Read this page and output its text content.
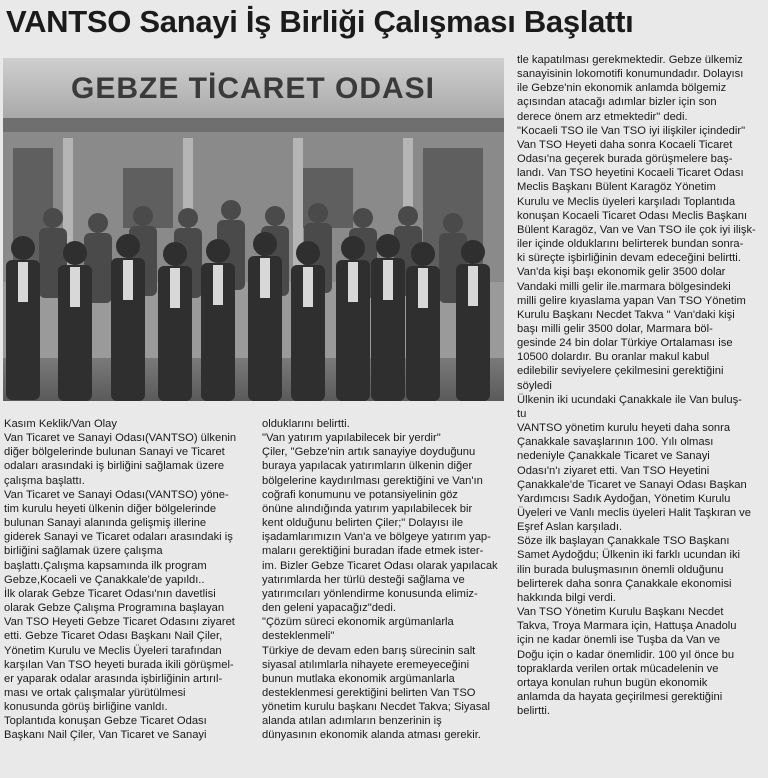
VANTSO Sanayi İş Birliği Çalışması Başlattı
GEBZE TİCARET ODASI

Kasım Keklik/Van Olay

Van Ticaret ve Sanayi Odası(VANTSO) ülkenin

diğer bölgelerinde bulunan Sanayi ve Ticaret

odaları arasındaki iş birliğini sağlamak üzere

çalışma başlattı.

Van Ticaret ve Sanayi Odası(VANTSO) yöne-

tim kurulu heyeti ülkenin diğer bölgelerinde

bulunan Sanayi alanında gelişmiş illerine

giderek Sanayi ve Ticaret odaları arasındaki iş

birliğini sağlamak üzere çalışma

başlattı.Çalışma kapsamında ilk program

Gebze,Kocaeli ve Çanakkale'de yapıldı..

İlk olarak Gebze Ticaret Odası'nın davetlisi

olarak Gebze Çalışma Programına başlayan

Van TSO Heyeti Gebze Ticaret Odasını ziyaret

etti. Gebze Ticaret Odası Başkanı Nail Çiler,

Yönetim Kurulu ve Meclis Üyeleri tarafından

karşılan Van TSO heyeti burada ikili görüşmel-

er yaparak odalar arasında işbirliğinin artırıl-

ması ve ortak çalışmalar yürütülmesi

konusunda görüş birliğine vanldı.

Toplantıda konuşan Gebze Ticaret Odası

Başkanı Nail Çiler, Van Ticaret ve Sanayi

olduklarını belirtti.

"Van yatırım yapılabilecek bir yerdir"

Çiler, "Gebze'nin artık sanayiye doyduğunu

buraya yapılacak yatırımların ülkenin diğer

bölgelerine kaydırılması gerektiğini ve Van'ın

coğrafi konumunu ve potansiyelinin göz

önüne alındığında yatırım yapılabilecek bir

kent olduğunu belirten Çiler;" Dolayısı ile

işadamlarımızın Van'a ve bölgeye yatırım yap-

malarıı gerektiğini buradan ifade etmek ister-

im. Bizler Gebze Ticaret Odası olarak yapılacak

yatırımlarda her türlü desteği sağlama ve

yatırımcıları yönlendirme konusunda elimiz-

den geleni yapacağız"dedi.

"Çözüm süreci ekonomik argümanlarla

desteklenmeli"

Türkiye de devam eden barış sürecinin salt

siyasal atılımlarla nihayete eremeyeceğini

bunun mutlaka ekonomik argümanlarla

desteklenmesi gerektiğini belirten Van TSO

yönetim kurulu başkanı Necdet Takva; Siyasal

alanda atılan adımların benzerinin iş

dünyasının ekonomik alanda atması gerekir.

tle kapatılması gerekmektedir. Gebze ülkemiz

sanayisinin lokomotifi konumundadır. Dolayısı

ile Gebze'nin ekonomik anlamda bölgemiz

açısından atacağı adımlar bizler için son

derece önem arz etmektedir" dedi.

"Kocaeli TSO ile Van TSO iyi ilişkiler içindedir"

Van TSO Heyeti daha sonra Kocaeli Ticaret

Odası'na geçerek burada görüşmelere baş-

landı. Van TSO heyetini Kocaeli Ticaret Odası

Meclis Başkanı Bülent Karagöz Yönetim

Kurulu ve Meclis üyeleri karşıladı Toplantıda

konuşan Kocaeli Ticaret Odası Meclis Başkanı

Bülent Karagöz, Van ve Van TSO ile çok iyi ilişk-

iler içinde olduklarını belirterek bundan sonra-

ki süreçte işbirliğinin devam edeceğini belirtti.

Van'da kişi başı ekonomik gelir 3500 dolar

Vandaki milli gelir ile.marmara bölgesindeki

milli gelire kıyaslama yapan Van TSO Yönetim

Kurulu Başkanı Necdet Takva " Van'daki kişi

başı milli gelir 3500 dolar, Marmara böl-

gesinde 24 bin dolar Türkiye Ortalaması ise

10500 dolardır. Bu oranlar makul kabul

edilebilir seviyelere çekilmesini gerektiğini

söyledi

Ülkenin iki ucundaki Çanakkale ile Van buluş-

tu

VANTSO yönetim kurulu heyeti daha sonra

Çanakkale savaşlarının 100. Yılı olması

nedeniyle Çanakkale Ticaret ve Sanayi

Odası'n'ı ziyaret etti. Van TSO Heyetini

Çanakkale'de Ticaret ve Sanayi Odası Başkan

Yardımcısı Sadık Aydoğan, Yönetim Kurulu

Üyeleri ve Vanlı meclis üyeleri Halit Taşkıran ve

Eşref Aslan karşıladı.

Söze ilk başlayan Çanakkale TSO Başkanı

Samet Aydoğdu; Ülkenin iki farklı ucundan iki

ilin burada buluşmasının önemli olduğunu

belirterek daha sonra Çanakkale ekonomisi

hakkında bilgi verdi.

Van TSO Yönetim Kurulu Başkanı Necdet

Takva, Troya Marmara için, Hattuşa Anadolu

için ne kadar önemli ise Tuşba da Van ve

Doğu için o kadar önemlidir. 100 yıl önce bu

topraklarda verilen ortak mücadelenin ve

ortaya konulan ruhun bugün ekonomik

anlamda da hayata geçirilmesi gerektiğini

belirtti.
